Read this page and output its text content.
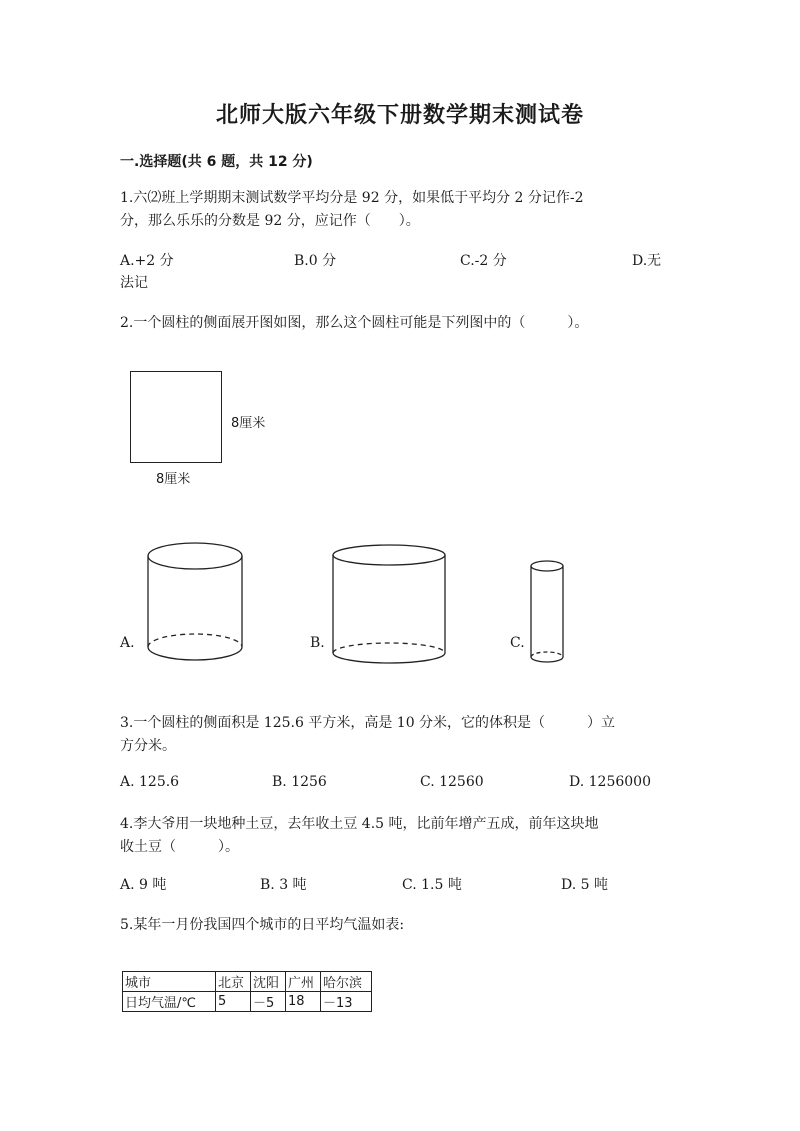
北师大版六年级下册数学期末测试卷
一.选择题(共 6 题，共 12 分)
1.六⑵班上学期期末测试数学平均分是 92 分，如果低于平均分 2 分记作-2
分，那么乐乐的分数是 92 分，应记作（　　）。
A.+2 分	B.0 分	C.-2 分	D.无
法记
2.一个圆柱的侧面展开图如图，那么这个圆柱可能是下列图中的（　　　）。
8厘米
8厘米
A.	B.	C.
3.一个圆柱的侧面积是 125.6 平方米，高是 10 分米，它的体积是（　　　）立
方分米。
A. 125.6	B. 1256	C. 12560	D. 1256000
4.李大爷用一块地种土豆，去年收土豆 4.5 吨，比前年增产五成，前年这块地
收土豆（　　　）。
A. 9 吨	B. 3 吨	C. 1.5 吨	D. 5 吨
5.某年一月份我国四个城市的日平均气温如表:
城市	北京	沈阳	广州	哈尔滨
日均气温/℃	5	－5	18	－13
